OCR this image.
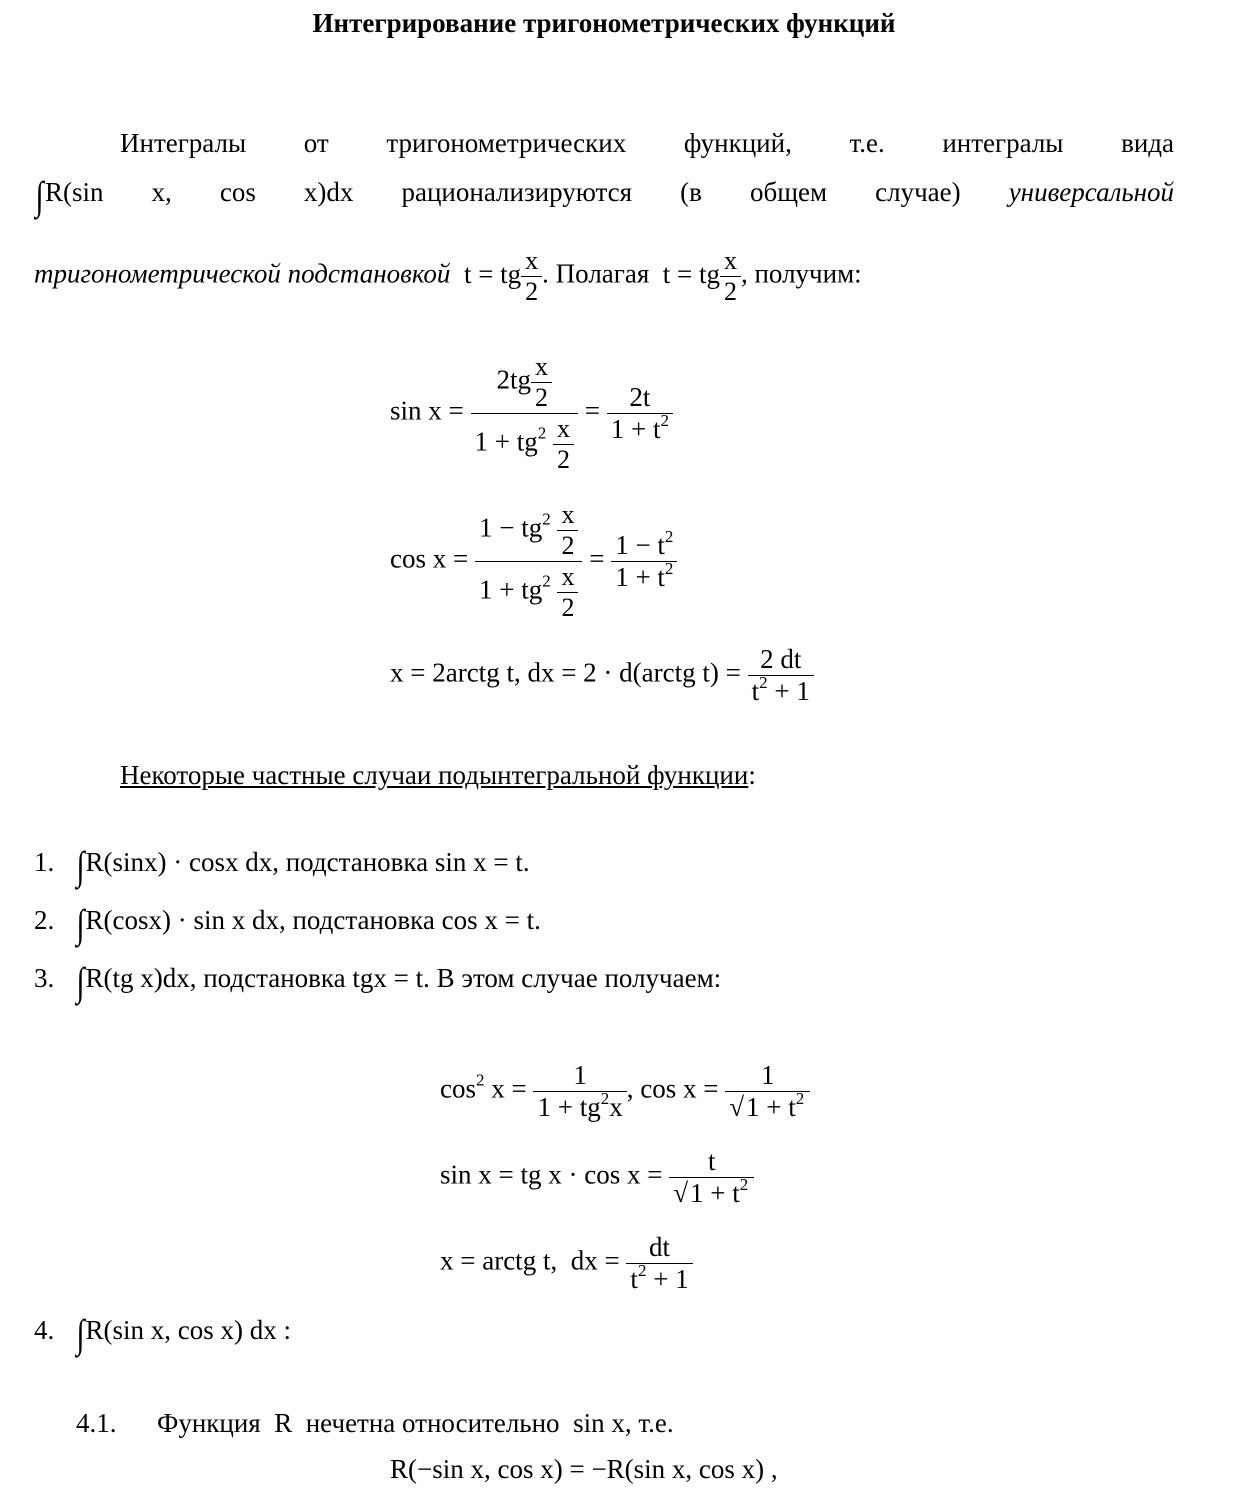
Интегрирование тригонометрических функций
Интегралы от тригонометрических функций, т.е. интегралы вида
∫R(sin x, cos x)dx рационализируются (в общем случае) универсальной
тригонометрической подстановкой  t = tg $\frac{x}{2}$ . Полагая  t = tg $\frac{x}{2}$ , получим:
$\sin x = \frac{2tg \frac{x}{2}}{1 + tg^2 \frac{x}{2}} = \frac{2t}{1 + t^2}$
$\cos x = \frac{1 - tg^2 \frac{x}{2}}{1 + tg^2 \frac{x}{2}} = \frac{1 - t^2}{1 + t^2}$
x = 2arctg t, dx = 2 · d(arctg $t) = \frac{2 dt}{t^2 + 1}$
Некоторые частные случаи подынтегральной функции:
1. ∫R(sinx) · cosx dx, подстановка sin x = t.
2. ∫R(cosx) · sin x dx, подстановка cos x = t.
3. ∫R(tg x)dx, подстановка tgx = t. В этом случае получаем:
$\cos^2 x = \frac{1}{1 + tg^2x}$ , $\cos x = \frac{1}{√1 + t^2}$
sin x = tg $x \cdot \cos x = \frac{t}{√1 + t^2}$
x = arctg t,  dx = $\frac{dt}{t^2 + 1}$
4. ∫R(sin x, cos x) dx :
4.1. Функция R нечетна относительно sin x, т.е.
R(−sin x, cos x) = −R(sin x, cos x) ,
